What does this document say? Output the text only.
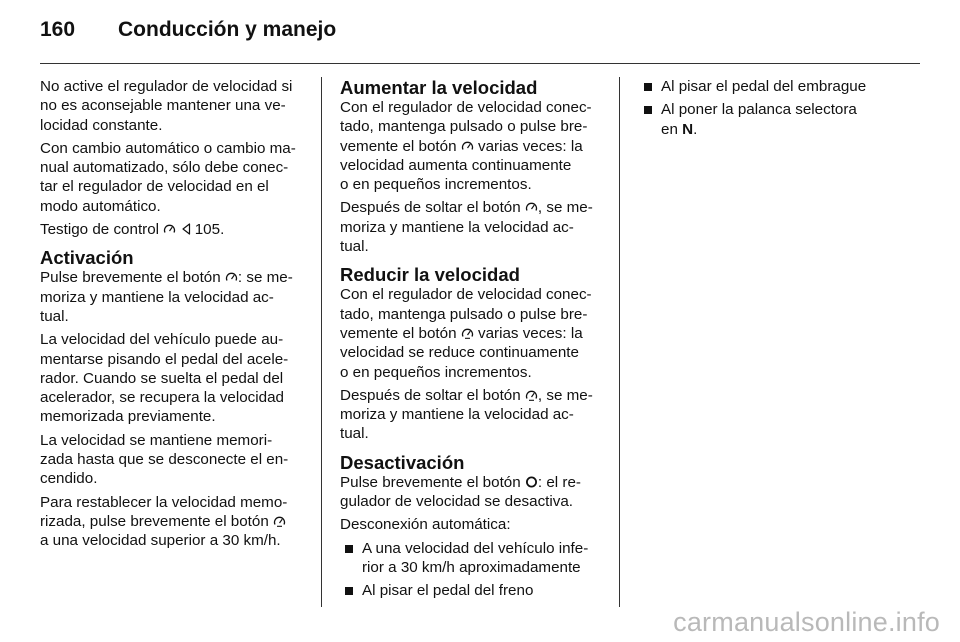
160 Conducción y manejo

No active el regulador de velocidad si
no es aconsejable mantener una ve-
locidad constante.

Con cambio automático o cambio ma-
nual automatizado, sólo debe conec-
tar el regulador de velocidad en el
modo automático.

Testigo de control

105.

Activación

Pulse brevemente el botón
: se me-
moriza y mantiene la velocidad ac-
tual.

La velocidad del vehículo puede au-
mentarse pisando el pedal del acele-
rador. Cuando se suelta el pedal del
acelerador, se recupera la velocidad
memorizada previamente.

La velocidad se mantiene memori-
zada hasta que se desconecte el en-
cendido.

Para restablecer la velocidad memo-
rizada, pulse brevemente el botón
a una velocidad superior a 30 km/h.

Aumentar la velocidad

Con el regulador de velocidad conec-
tado, mantenga pulsado o pulse bre-
vemente el botón
varias veces: la
velocidad aumenta continuamente
o en pequeños incrementos.

Después de soltar el botón
, se me-
moriza y mantiene la velocidad ac-
tual.

Reducir la velocidad

Con el regulador de velocidad conec-
tado, mantenga pulsado o pulse bre-
vemente el botón
varias veces: la
velocidad se reduce continuamente
o en pequeños incrementos.

Después de soltar el botón
, se me-
moriza y mantiene la velocidad ac-
tual.

Desactivación

Pulse brevemente el botón
: el re-
gulador de velocidad se desactiva.

Desconexión automática:

A una velocidad del vehículo infe-
rior a 30 km/h aproximadamente
Al pisar el pedal del freno
Al pisar el pedal del embrague
Al poner la palanca selectora
en N.
carmanualsonline.info
